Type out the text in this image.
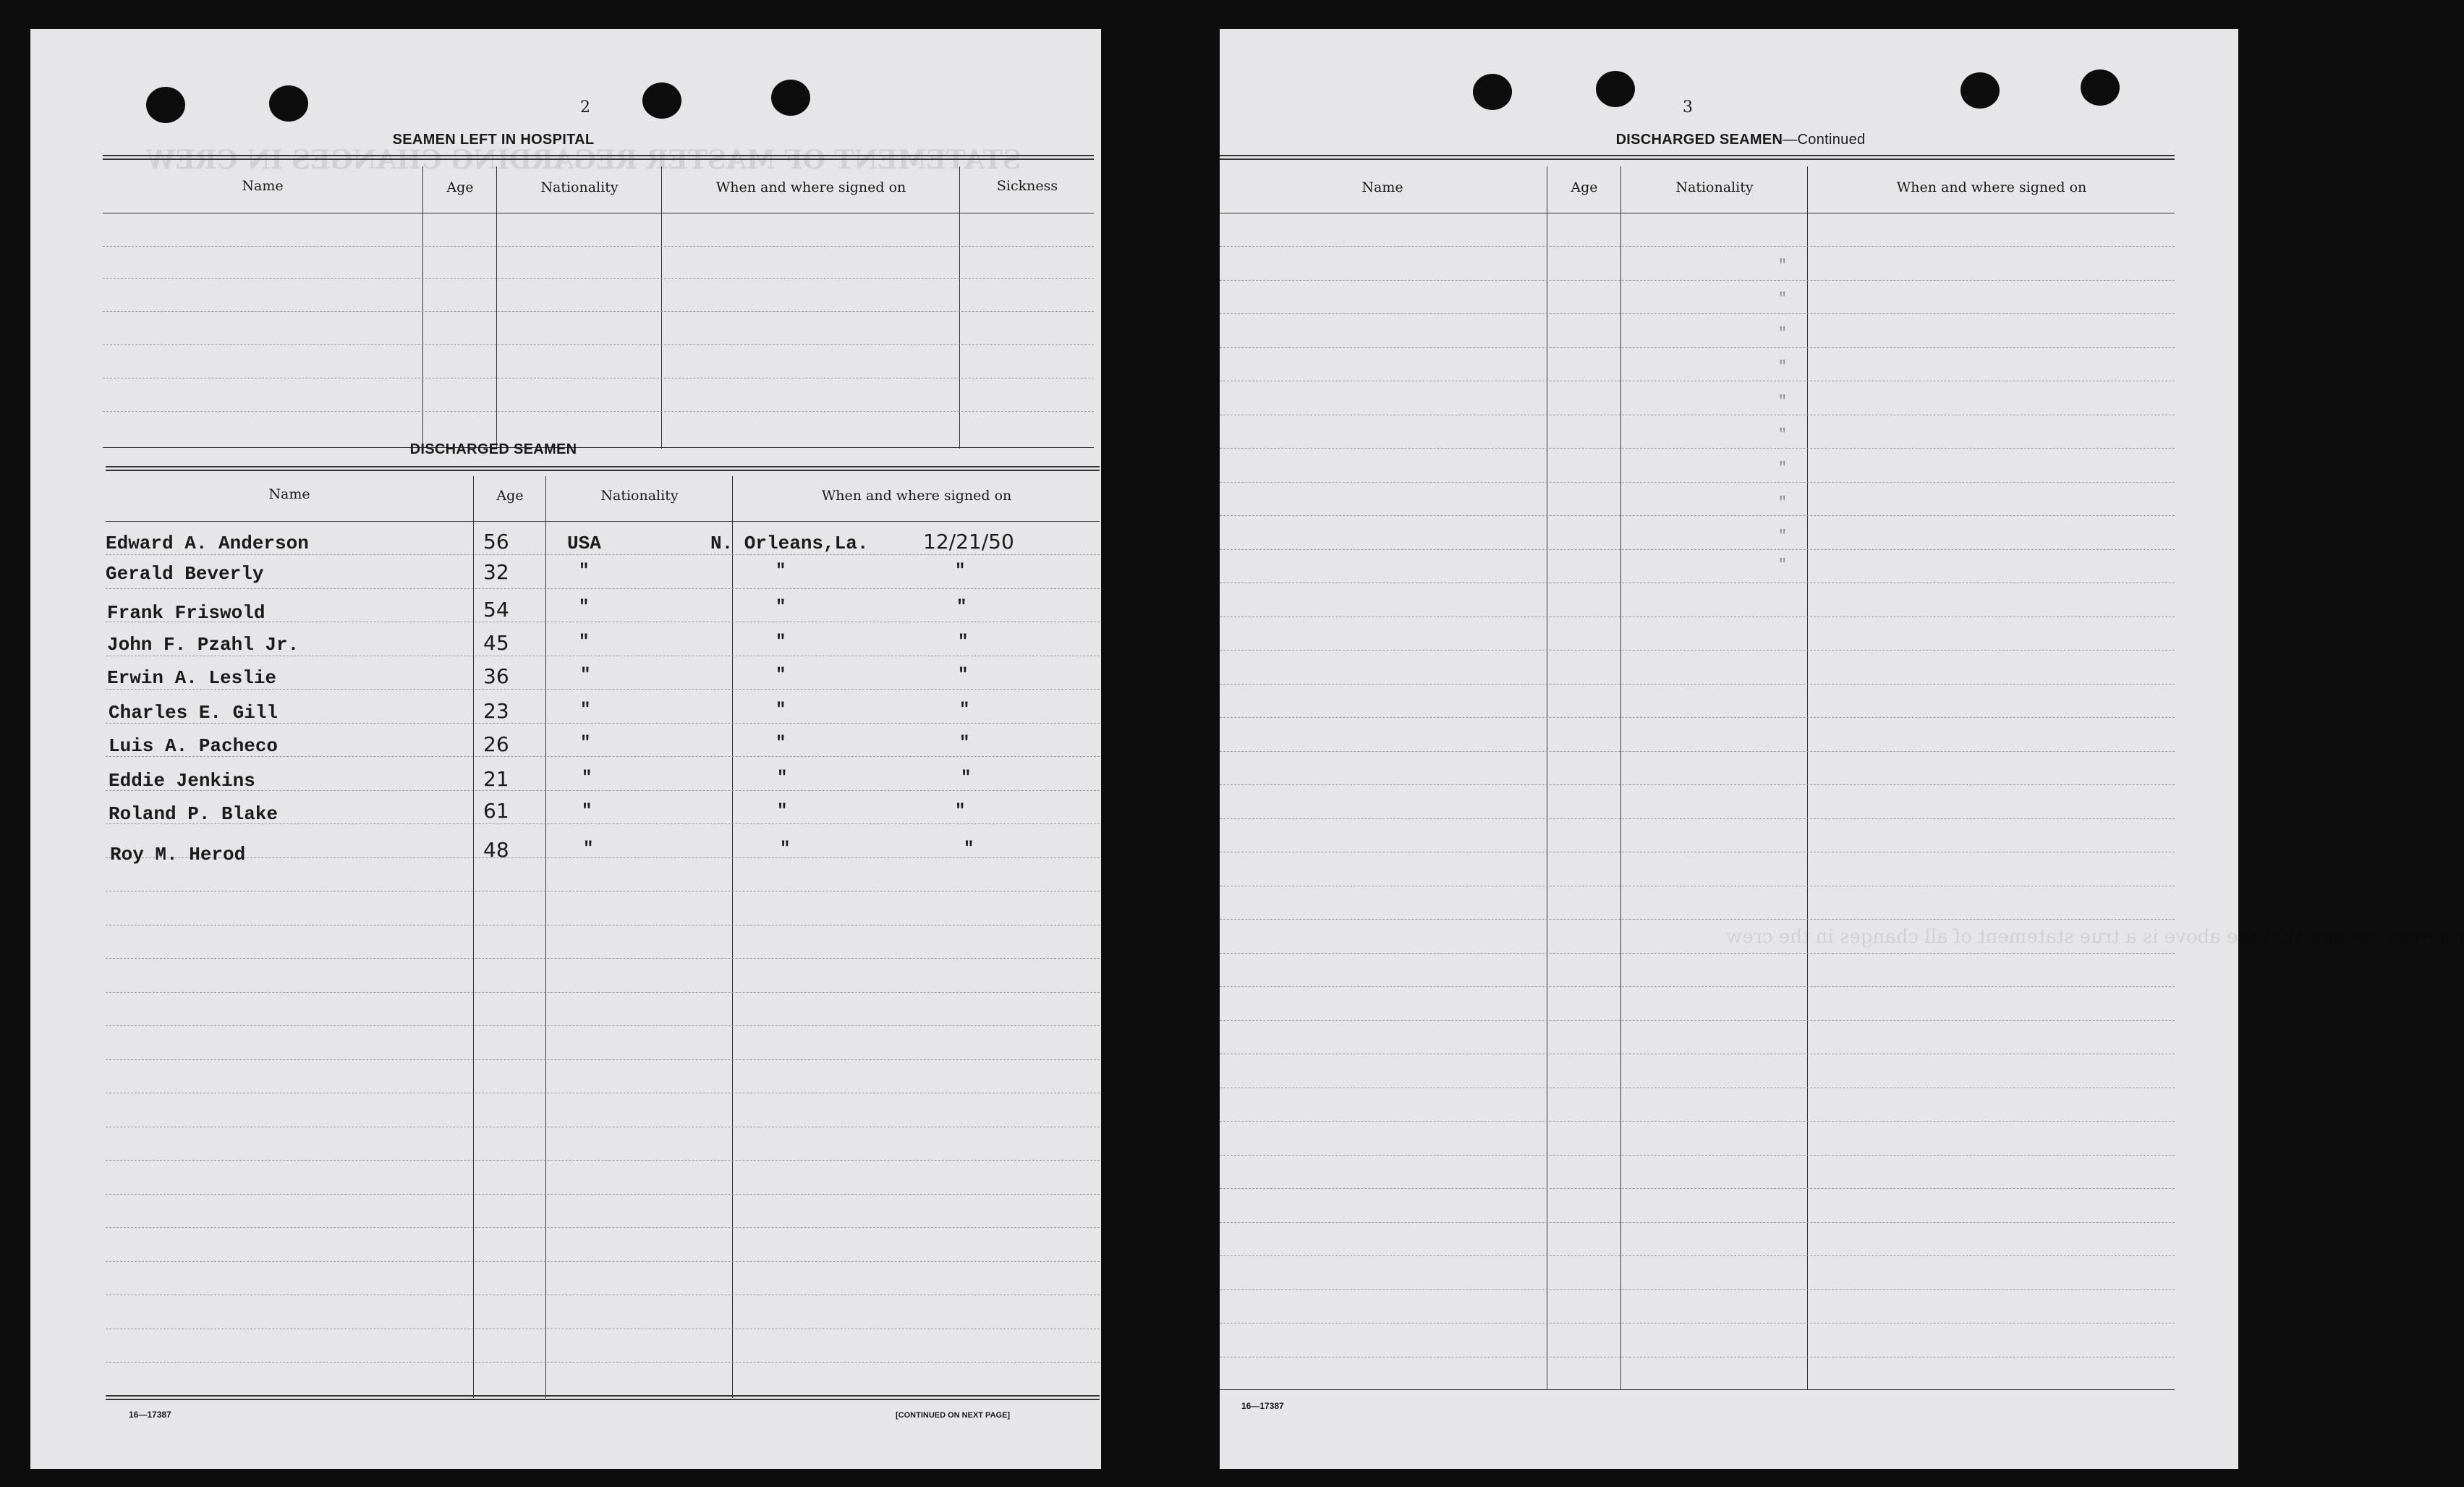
STATEMENT OF MASTER REGARDING CHANGES IN CREW
2
SEAMEN LEFT IN HOSPITAL
Name	Age	Nationality	When and where signed on	Sickness
DISCHARGED SEAMEN
Name	Age	Nationality	When and where signed on
Edward A. Anderson	56	USA	N. Orleans,La.	12/21/50
Gerald Beverly	32	"	"	"
Frank Friswold	54	"	"	"
John F. Pzahl Jr.	45	"	"	"
Erwin A. Leslie	36	"	"	"
Charles E. Gill	23	"	"	"
Luis A. Pacheco	26	"	"	"
Eddie Jenkins	21	"	"	"
Roland P. Blake	61	"	"	"
Roy M. Herod	48	"	"	"
16—17387	[CONTINUED ON NEXT PAGE]
I hereby declare that the above is a true statement of all changes in the crew
3
DISCHARGED SEAMEN—Continued
Name	Age	Nationality	When and where signed on
"
"
"
"
"
"
"
"
"
"
16—17387
